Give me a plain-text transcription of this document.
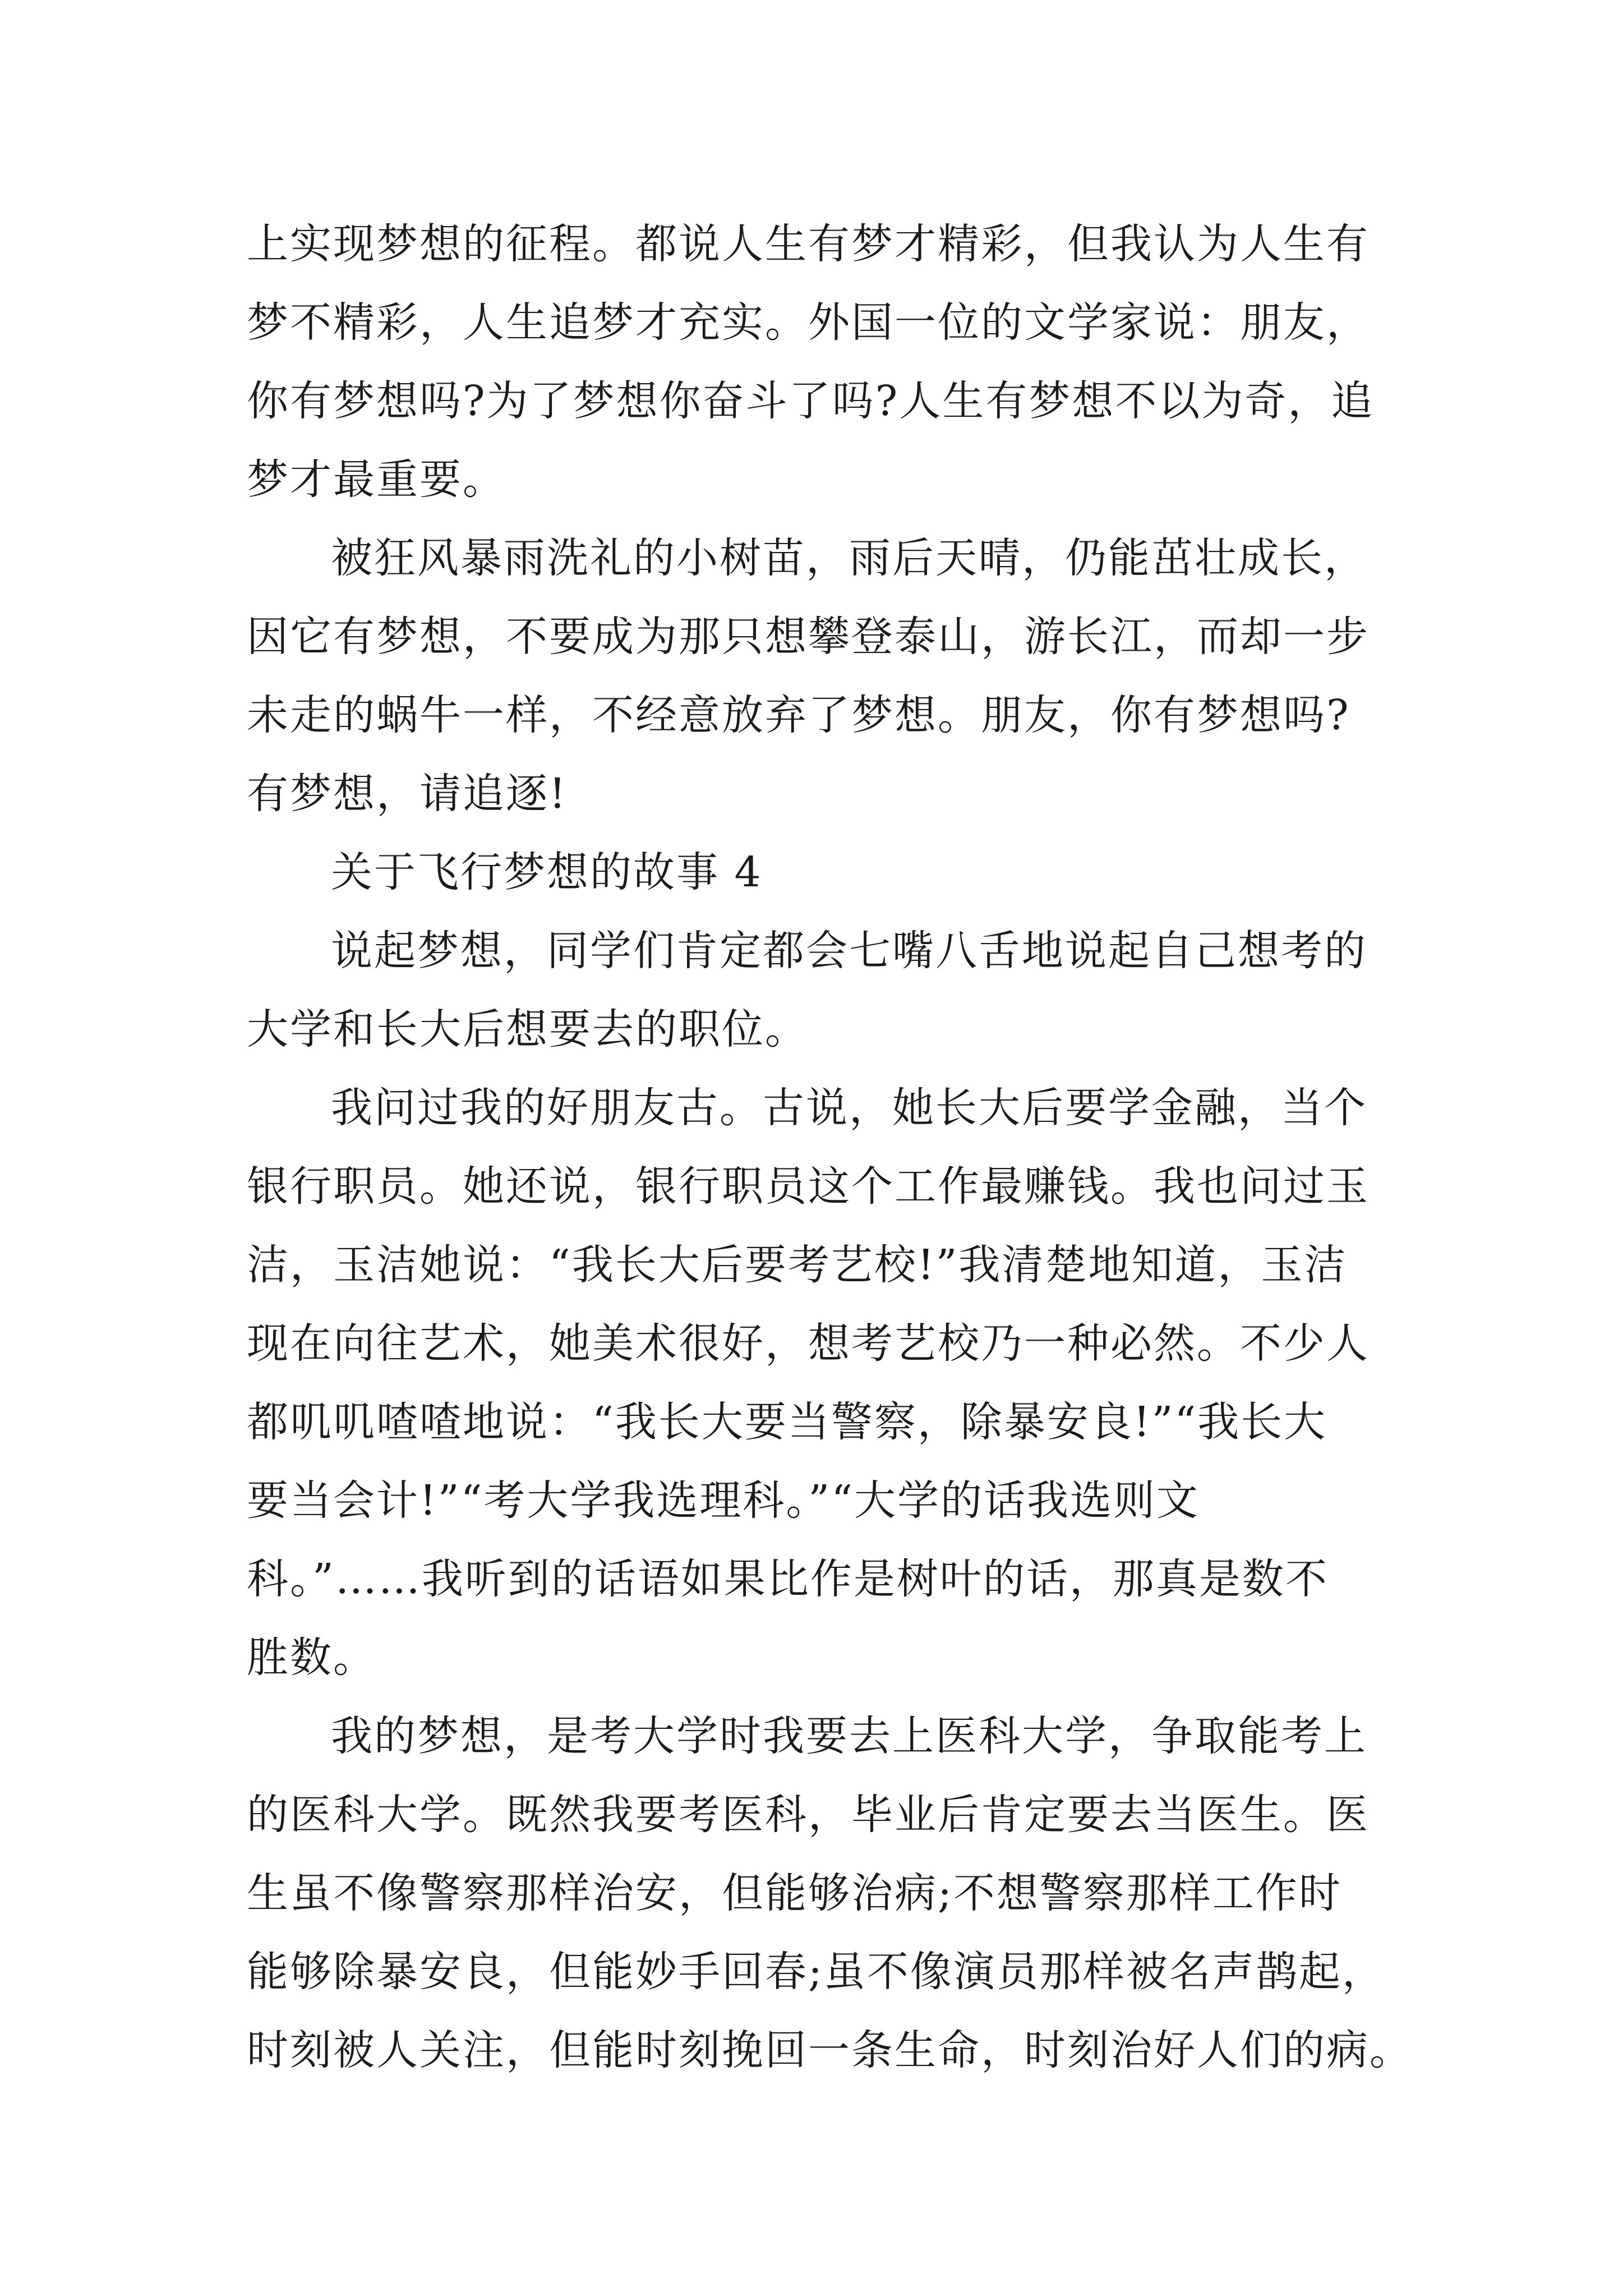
上实现梦想的征程。都说人生有梦才精彩，但我认为人生有
梦不精彩，人生追梦才充实。外国一位的文学家说：朋友，
你有梦想吗?为了梦想你奋斗了吗?人生有梦想不以为奇，追
梦才最重要。
被狂风暴雨洗礼的小树苗，雨后天晴，仍能茁壮成长，
因它有梦想，不要成为那只想攀登泰山，游长江，而却一步
未走的蜗牛一样，不经意放弃了梦想。朋友，你有梦想吗?
有梦想，请追逐!
关于飞行梦想的故事 4
说起梦想，同学们肯定都会七嘴八舌地说起自己想考的
大学和长大后想要去的职位。
我问过我的好朋友古。古说，她长大后要学金融，当个
银行职员。她还说，银行职员这个工作最赚钱。我也问过玉
洁，玉洁她说：“我长大后要考艺校!”我清楚地知道，玉洁
现在向往艺术，她美术很好，想考艺校乃一种必然。不少人
都叽叽喳喳地说：“我长大要当警察，除暴安良!”“我长大
要当会计!”“考大学我选理科。”“大学的话我选则文
科。”……我听到的话语如果比作是树叶的话，那真是数不
胜数。
我的梦想，是考大学时我要去上医科大学，争取能考上
的医科大学。既然我要考医科，毕业后肯定要去当医生。医
生虽不像警察那样治安，但能够治病;不想警察那样工作时
能够除暴安良，但能妙手回春;虽不像演员那样被名声鹊起，
时刻被人关注，但能时刻挽回一条生命，时刻治好人们的病。
